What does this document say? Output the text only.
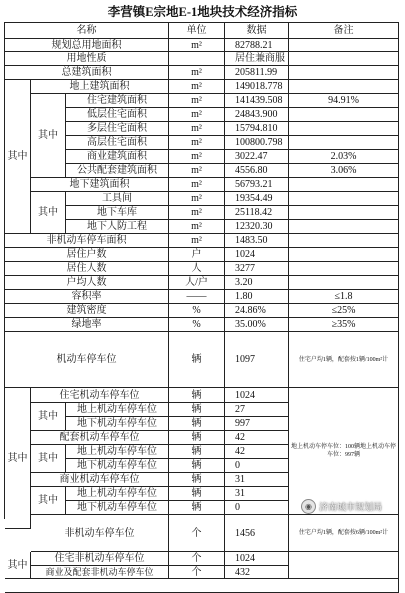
李营镇E宗地E-1地块技术经济指标
名称	单位	数据	备注
规划总用地面积	m²	82788.21
用地性质	居住兼商服
总建筑面积	m²	205811.99
其中
地上建筑面积	m²	149018.778
其中
住宅建筑面积	m²	141439.508	94.91%
低层住宅面积	m²	24843.900
多层住宅面积	m²	15794.810
高层住宅面积	m²	100800.798
商业建筑面积	m²	3022.47	2.03%
公共配套建筑面积	m²	4556.80	3.06%
地下建筑面积	m²	56793.21
其中
工具间	m²	19354.49
地下车库	m²	25118.42
地下人防工程	m²	12320.30
非机动车停车面积	m²	1483.50
居住户数	户	1024
居住人数	人	3277
户均人数	人/户	3.20
容积率	——	1.80	≤1.8
建筑密度	%	24.86%	≤25%
绿地率	%	35.00%	≥35%
机动车停车位	辆	1097	住宅户均1辆，配套按1辆/100m²计
其中
住宅机动车停车位	辆	1024
其中
地上机动车停车位	辆	27
地下机动车停车位	辆	997
配套机动车停车位	辆	42
其中
地上机动车停车位	辆	42
地下机动车停车位	辆	0
商业机动车停车位	辆	31
其中
地上机动车停车位	辆	31
地下机动车停车位	辆	0
地上机动车停车位：100辆地上机动车停车位：997辆
非机动车停车位	个	1456	住宅户均1辆，配套按6辆/100m²计
其中
住宅非机动车停车位	个	1024
商业及配套非机动车停车位	个	432
◉ 济南城市规划局
